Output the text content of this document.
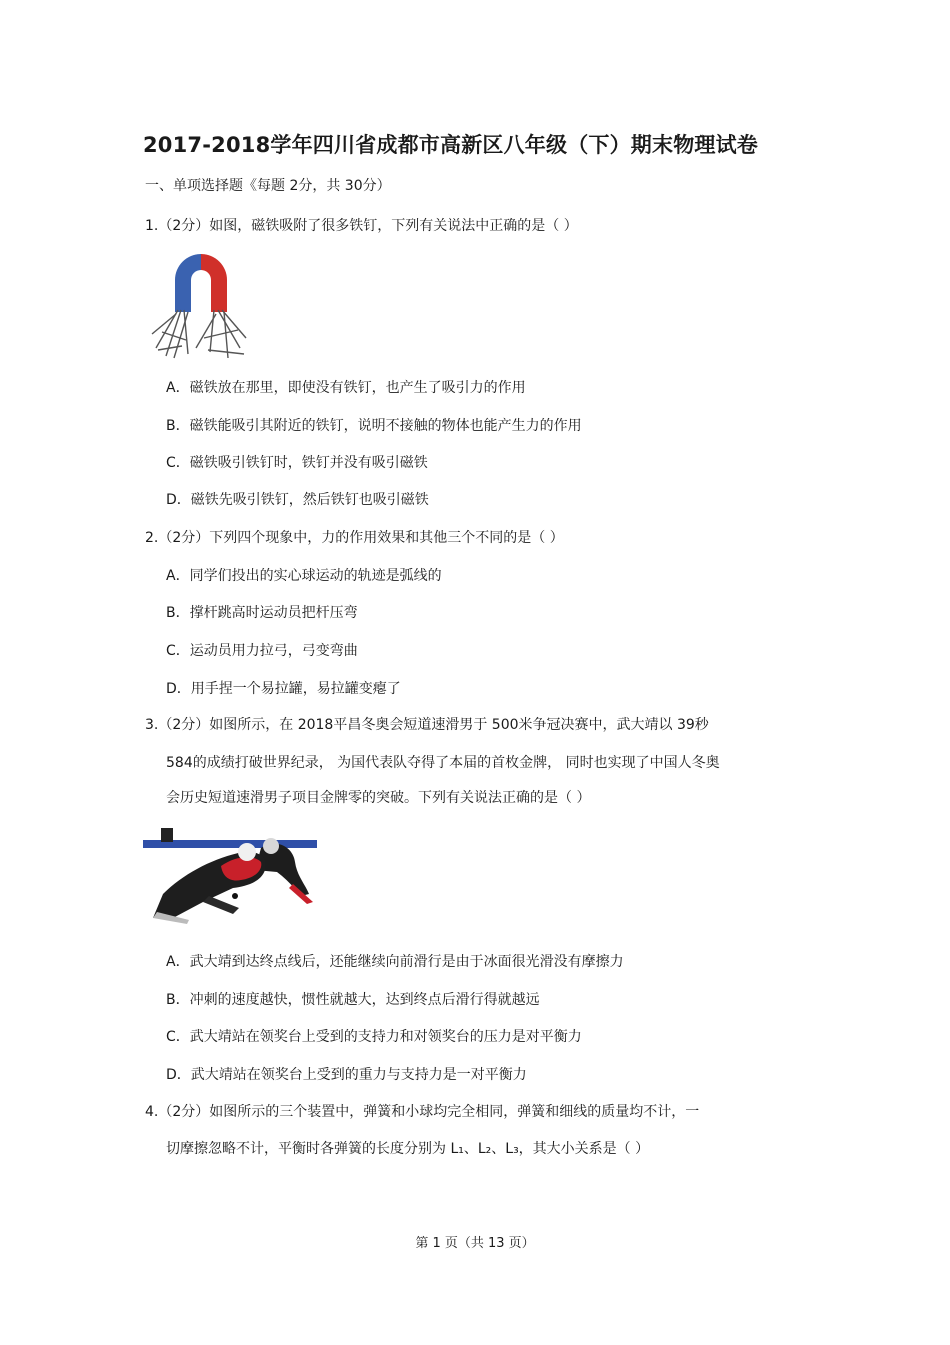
2017-2018学年四川省成都市高新区八年级（下）期末物理试卷
一、单项选择题《每题 2分，共 30分）
1.（2分）如图，磁铁吸附了很多铁钉，下列有关说法中正确的是（ ）
A．磁铁放在那里，即使没有铁钉，也产生了吸引力的作用
B．磁铁能吸引其附近的铁钉，说明不接触的物体也能产生力的作用
C．磁铁吸引铁钉时，铁钉并没有吸引磁铁
D．磁铁先吸引铁钉，然后铁钉也吸引磁铁
2.（2分）下列四个现象中，力的作用效果和其他三个不同的是（ ）
A．同学们投出的实心球运动的轨迹是弧线的
B．撑杆跳高时运动员把杆压弯
C．运动员用力拉弓，弓变弯曲
D．用手捏一个易拉罐，易拉罐变瘪了
3.（2分）如图所示，在 2018平昌冬奥会短道速滑男于 500米争冠决赛中，武大靖以 39秒
584的成绩打破世界纪录， 为国代表队夺得了本届的首枚金牌， 同时也实现了中国人冬奥
会历史短道速滑男子项目金牌零的突破。下列有关说法正确的是（ ）
A．武大靖到达终点线后，还能继续向前滑行是由于冰面很光滑没有摩擦力
B．冲刺的速度越快，惯性就越大，达到终点后滑行得就越远
C．武大靖站在领奖台上受到的支持力和对领奖台的压力是对平衡力
D．武大靖站在领奖台上受到的重力与支持力是一对平衡力
4.（2分）如图所示的三个装置中，弹簧和小球均完全相同，弹簧和细线的质量均不计，一
切摩擦忽略不计，平衡时各弹簧的长度分别为 L₁、L₂、L₃，其大小关系是（ ）
第 1 页（共 13 页）
